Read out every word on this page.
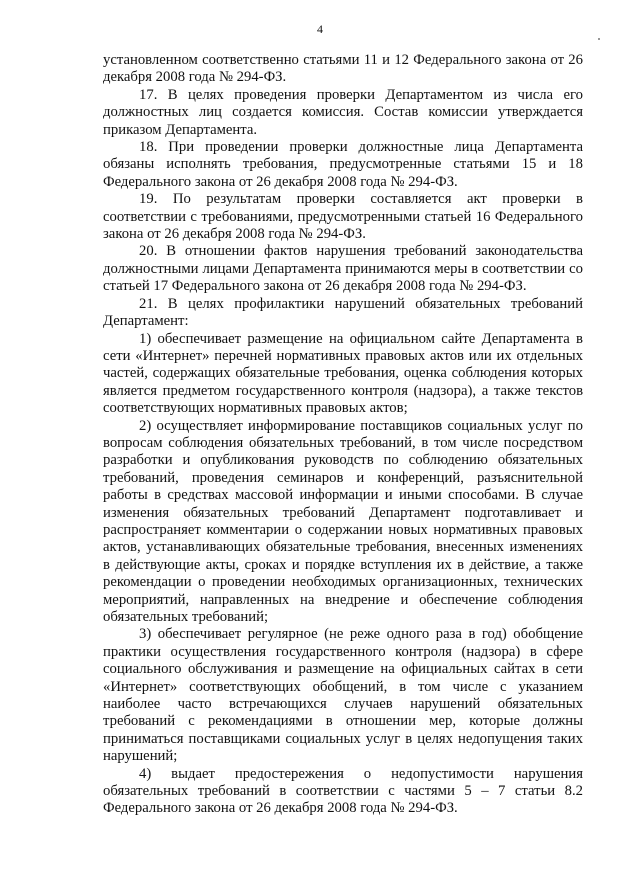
4

установленном соответственно статьями 11 и 12 Федерального закона от 26 декабря 2008 года № 294-ФЗ.

17. В целях проведения проверки Департаментом из числа его должностных лиц создается комиссия. Состав комиссии утверждается приказом Департамента.

18. При проведении проверки должностные лица Департамента обязаны исполнять требования, предусмотренные статьями 15 и 18 Федерального закона от 26 декабря 2008 года № 294-ФЗ.

19. По результатам проверки составляется акт проверки в соответствии с требованиями, предусмотренными статьей 16 Федерального закона от 26 декабря 2008 года № 294-ФЗ.

20. В отношении фактов нарушения требований законодательства должностными лицами Департамента принимаются меры в соответствии со статьей 17 Федерального закона от 26 декабря 2008 года № 294-ФЗ.

21. В целях профилактики нарушений обязательных требований Департамент:

1) обеспечивает размещение на официальном сайте Департамента в сети «Интернет» перечней нормативных правовых актов или их отдельных частей, содержащих обязательные требования, оценка соблюдения которых является предметом государственного контроля (надзора), а также текстов соответствующих нормативных правовых актов;

2) осуществляет информирование поставщиков социальных услуг по вопросам соблюдения обязательных требований, в том числе посредством разработки и опубликования руководств по соблюдению обязательных требований, проведения семинаров и конференций, разъяснительной работы в средствах массовой информации и иными способами. В случае изменения обязательных требований Департамент подготавливает и распространяет комментарии о содержании новых нормативных правовых актов, устанавливающих обязательные требования, внесенных изменениях в действующие акты, сроках и порядке вступления их в действие, а также рекомендации о проведении необходимых организационных, технических мероприятий, направленных на внедрение и обеспечение соблюдения обязательных требований;

3) обеспечивает регулярное (не реже одного раза в год) обобщение практики осуществления государственного контроля (надзора) в сфере социального обслуживания и размещение на официальных сайтах в сети «Интернет» соответствующих обобщений, в том числе с указанием наиболее часто встречающихся случаев нарушений обязательных требований с рекомендациями в отношении мер, которые должны приниматься поставщиками социальных услуг в целях недопущения таких нарушений;

4) выдает предостережения о недопустимости нарушения обязательных требований в соответствии с частями 5 – 7 статьи 8.2 Федерального закона от 26 декабря 2008 года № 294-ФЗ.
